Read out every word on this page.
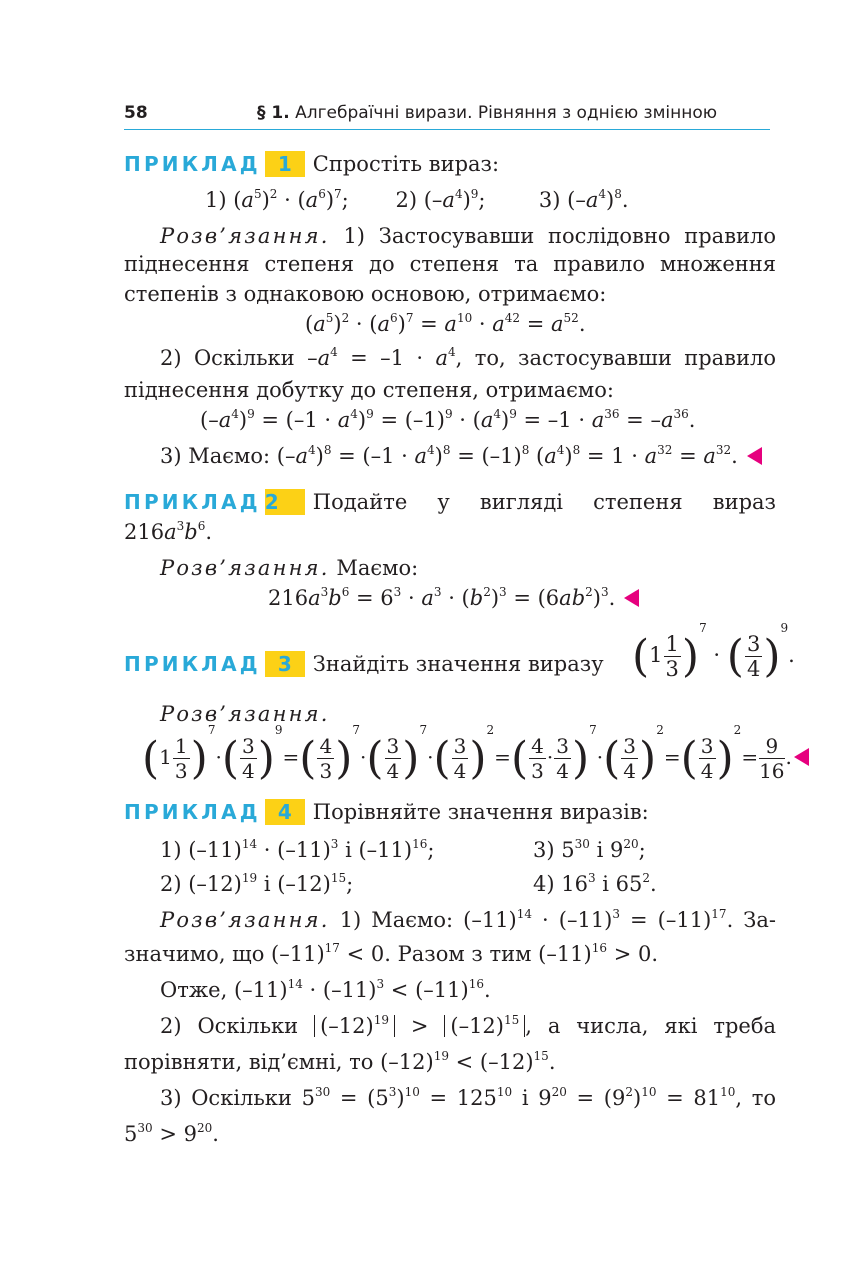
58	§ 1. Алгебраїчні вирази. Рівняння з однією змінною
ПРИКЛАД 1 Спростіть вираз:
1) $(a^5)^2 \cdot (a^6)^7$;       2) $(-a^4)^9$;        3) $(-a^4)^8$.
Розв’язання. 1) Застосувавши послідовно правило
піднесення степеня до степеня та правило множення
степенів з однаковою основою, отримаємо:
$(a^5)^2 \cdot (a^6)^7 = a^{10} \cdot a^{42} = a^{52}$.
2) Оскільки $-a^4 = -1 \cdot a^4$, то, застосувавши правило
піднесення добутку до степеня, отримаємо:
$(-a^4)^9 = (-1 \cdot a^4)^9 = (-1)^9 \cdot (a^4)^9 = -1 \cdot a^{36} = -a^{36}$.
3) Маємо: $(-a^4)^8 = (-1 \cdot a^4)^8 = (-1)^8$ $(a^4)^8 = 1 \cdot a^{32} = a^{32}$.
ПРИКЛАД 2 Подайте у вигляді степеня вираз
$216a^3b^6$.
Розв’язання. Маємо:
$216a^3b^6 = 6^3 \cdot a^3 \cdot (b^2)^3 = (6ab^2)^3$.
ПРИКЛАД 3 Знайдіть значення виразу $(1 \frac{1}{3} )^7$ · ( $\frac{3}{4} )^9$.
Розв’язання.
$(1 \frac{1}{3} )^7\cdot( \frac{3}{4} )^9=( \frac{4}{3} )^7\cdot( \frac{3}{4} )^7\cdot( \frac{3}{4} )^2=( \frac{4}{3} \cdot \frac{3}{4} )^7\cdot( \frac{3}{4} )^2=( \frac{3}{4} )^2= \frac{9}{16}$ .
ПРИКЛАД 4 Порівняйте значення виразів:
1) $(-11)^{14} \cdot (-11)^3$ і $(-11)^{16}$;	3) $5^{30}$ і $9^{20}$;
2) $(-12)^{19}$ і $(-12)^{15}$;	4) $16^3$ і $65^2$.
Розв’язання. 1) Маємо: $(-11)^{14} \cdot (-11)^3 = (-11)^{17}$. За-
значимо, що $(-11)^{17} < 0$. Разом з тим $(-11)^{16} > 0$.
Отже, $(-11)^{14} \cdot (-11)^3 < (-11)^{16}$.
2) Оскільки $(-12)^{19} > (-12)^{15}$ , а числа, які треба
порівняти, від’ємні, то $(-12)^{19} < (-12)^{15}$.
3) Оскільки $5^{30} = (5^3)^{10} = 125^{10}$ і $9^{20} = (9^2)^{10} = 81^{10}$, то
$5^{30} > 9^{20}$.
